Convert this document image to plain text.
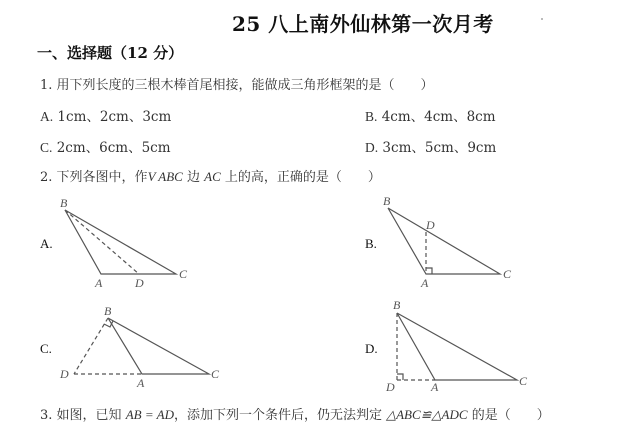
25 八上南外仙林第一次月考
一、选择题（12 分）
1. 用下列长度的三根木棒首尾相接，能做成三角形框架的是（　　）
A. 1cm、2cm、3cm	B. 4cm、4cm、8cm
C. 2cm、6cm、5cm	D. 3cm、5cm、9cm
2. 下列各图中，作V ABC 边 AC 上的高，正确的是（　　）
A.	B.
C.	D.
B
A	D
C
B
D
A
C
B
D
A
C
B
D	A	C
3. 如图，已知 AB = AD，添加下列一个条件后，仍无法判定 △ABC≌△ADC 的是（　　）
